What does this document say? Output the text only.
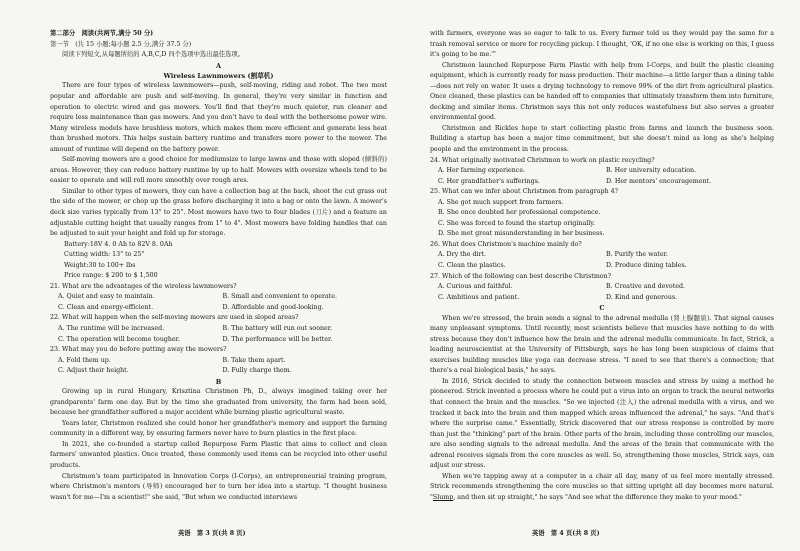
第二部分　阅读(共两节,满分 50 分)

第一节　(共 15 小题;每小题 2.5 分,满分 37.5 分)

阅读下列短文,从每题所给的 A,B,C,D 四个选项中选出最佳选项。

A

Wireless Lawnmowers (割草机)

There are four types of wireless lawnmowers—push, self-moving, riding and robot. The two most popular and affordable are push and self-moving. In general, they're very similar in function and operation to electric wired and gas mowers. You'll find that they're much quieter, run cleaner and require less maintenance than gas mowers. And you don't have to deal with the bothersome power wire. Many wireless models have brushless motors, which makes them more efficient and generate less heat than brushed motors. This helps sustain battery runtime and transfers more power to the mower. The amount of runtime will depend on the battery power.

Self-moving mowers are a good choice for mediumsize to large lawns and those with sloped (倾斜的) areas. However, they can reduce battery runtime by up to half. Mowers with oversize wheels tend to be easier to operate and will roll more smoothly over rough ares.

Similar to other types of mowers, they can have a collection bag at the back, shoot the cut grass out the side of the mower, or chop up the grass before discharging it into a bag or onto the lawn. A mower's deck size varies typically from 13" to 25". Most mowers have two to four blades (刀片) and a feature an adjustable cutting height that usually ranges from 1" to 4". Most mowers have folding handles that can be adjusted to suit your height and fold up for storage.

Battery:18V 4. 0 Ah to 82V 8. 0Ah

Cutting width: 13" to 25"

Weight:30 to 100+ lbs

Price range: $ 200 to $ 1,500

21. What are the advantages of the wireless lawnmowers?

A. Quiet and easy to maintain.	B. Small and convenient to operate.
C. Clean and energy-efficient.	D. Affordable and good-looking.

22. What will happen when the self-moving mowers are used in sloped areas?

A. The runtime will be increased.	B. The battery will run out sooner.
C. The operation will become tougher.	D. The performance will be better.

23. What may you do before putting away the mowers?

A. Fold them up.	B. Take them apart.
C. Adjust their height.	D. Fully charge them.

B

Growing up in rural Hungary, Krisztina Christmon Ph, D., always imagined taking over her grandparents' farm one day. But by the time she graduated from university, the farm had been sold, because her grandfather suffered a major accident while burning plastic agricultural waste.

Years later, Christmon realized she could honor her grandfather's memory and support the farming community in a different way, by ensuring farmers never have to burn plastics in the first place.

In 2021, she co-founded a startup called Repurpose Farm Plastic that aims to collect and clean farmers' unwanted plastics. Once treated, these commonly used items can be recycled into other useful products.

Christmon's team participated in Innovation Corps (I-Corps), an entrepreneurial training program, where Christmon's mentors (导师) encouraged her to turn her idea into a startup. "I thought business wasn't for me—I'm a scientist!" she said, "But when we conducted interviews

英语　第 3 页(共 8 页)

with farmers, everyone was so eager to talk to us. Every farmer told us they would pay the same for a trash removal service or more for recycling pickup. I thought, 'OK, if no one else is working on this, I guess it's going to be me.'"

Christmon launched Repurpose Farm Plastic with help from I-Corps, and built the plastic cleaning equipment, which is currently ready for mass production. Their machine—a little larger than a dining table—does not rely on water. It uses a drying technology to remove 99% of the dirt from agricultural plastics. Once cleaned, these plastics can be handed off to companies that ultimately transform them into furniture, decking and similar items. Christmon says this not only reduces wastefulness but also serves a greater environmental good.

Christmon and Rickles hope to start collecting plastic from farms and launch the business soon. Building a startup has been a major time commitment, but she doesn't mind as long as she's helping people and the environment in the process.

24. What originally motivated Christmon to work on plastic recycling?

A. Her farming experience.	B. Her university education.
C. Her grandfather's sufferings.	D. Her mentors' encouragement.

25. What can we infer about Christmon from paragraph 4?

A. She got much support from farmers.
B. She once doubted her professional competence.
C. She was forced to found the startup originally.
D. She met great misunderstanding in her business.

26. What does Christmon's machine mainly do?

A. Dry the dirt.	B. Purify the water.
C. Clean the plastics.	D. Produce dining tables.

27. Which of the following can best describe Christmon?

A. Curious and faithful.	B. Creative and devoted.
C. Ambitious and patient.	D. Kind and generous.

C

When we're stressed, the brain sends a signal to the adrenal medulla (肾上腺髓质). That signal causes many unpleasant symptoms. Until recently, most scientists believe that muscles have nothing to do with stress because they don't influence how the brain and the adrenal medulla communicate. In fact, Strick, a leading neuroscientist at the University of Pittsburgh, says he has long been suspicious of claims that exercises building muscles like yoga can decrease stress. "I need to see that there's a connection; that there's a real biological basis," he says.

In 2016, Strick decided to study the connection between muscles and stress by using a method he pioneered. Strick invented a process where he could put a virus into an organ to track the neural networks that connect the brain and the muscles. "So we injected (注入) the adrenal medulla with a virus, and we tracked it back into the brain and then mapped which areas influenced the adrenal," he says. "And that's where the surprise came." Essentially, Strick discovered that our stress response is controlled by more than just the "thinking" part of the brain. Other parts of the brain, including those controlling our muscles, are also sending signals to the adrenal medulla. And the areas of the brain that communicate with the adrenal receives signals from the core muscles as well. So, strengthening those muscles, Strick says, can adjust our stress.

When we're tapping away at a computer in a chair all day, many of us feel more mentally stressed. Strick recommends strengthening the core muscles so that sitting upright all day becomes more natural. "Slump, and then sit up straight," he says "And see what the difference they make to your mood."

英语　第 4 页(共 8 页)
